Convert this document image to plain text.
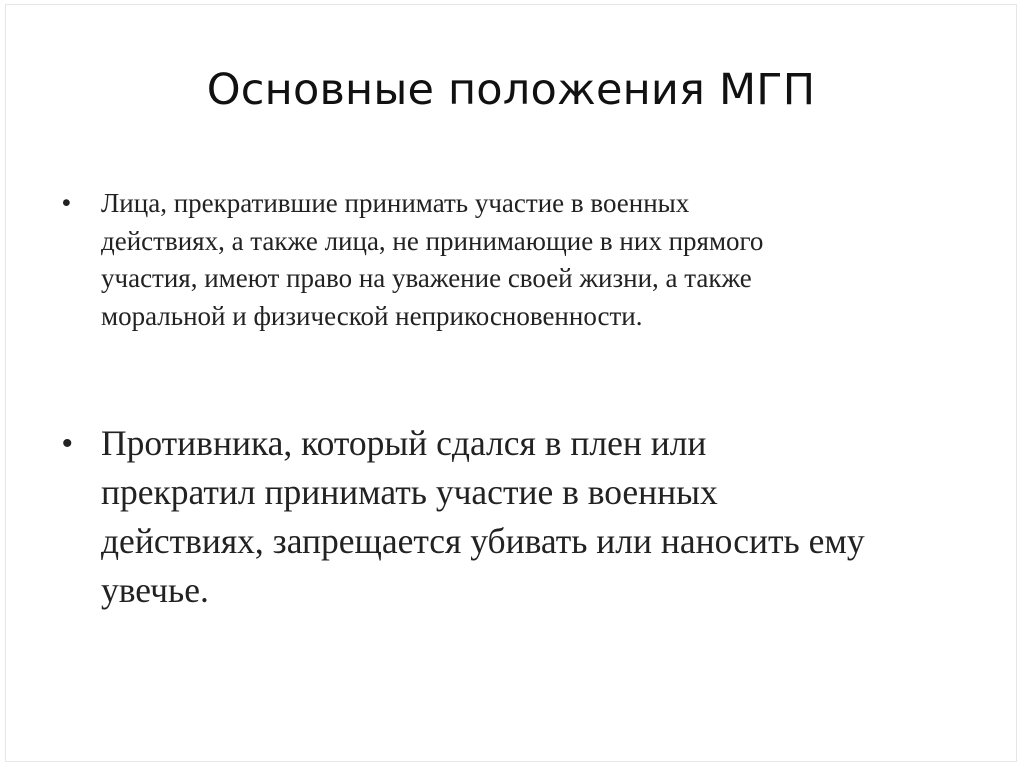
Основные положения МГП
• Лица, прекратившие принимать участие в военных
действиях, а также лица, не принимающие в них прямого
участия, имеют право на уважение своей жизни, а также
моральной и физической неприкосновенности.
• Противника, который сдался в плен или
прекратил принимать участие в военных
действиях, запрещается убивать или наносить ему
увечье.
